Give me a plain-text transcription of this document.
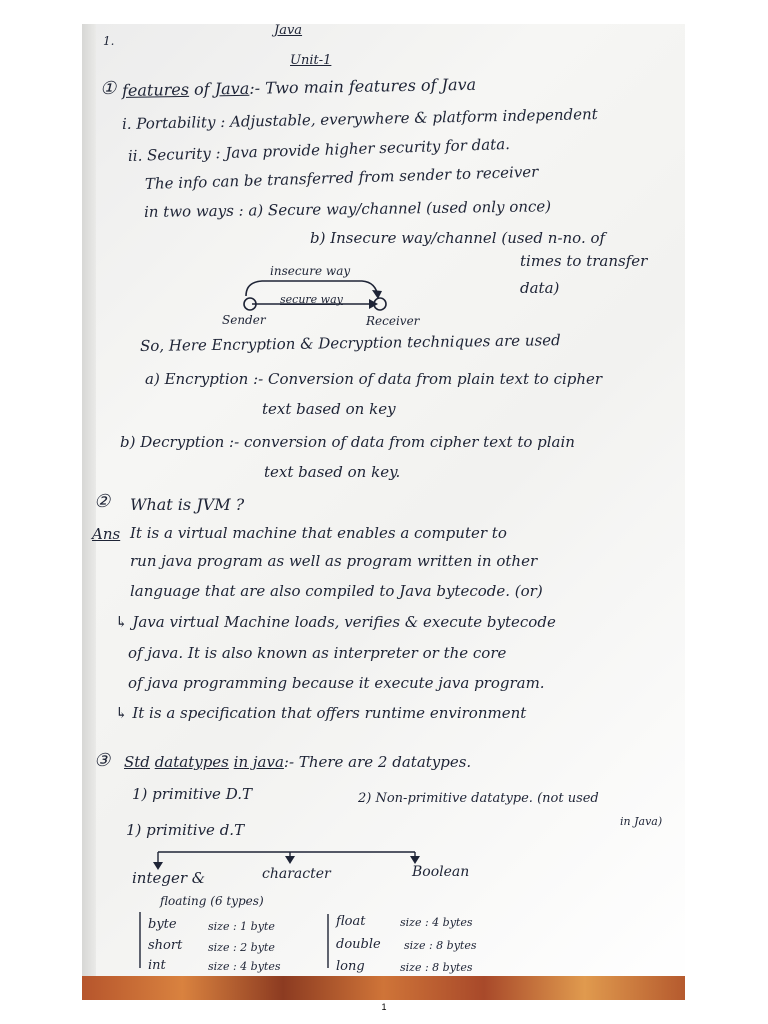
Java
1.
Unit-1
① features of Java:- Two main features of Java
i. Portability : Adjustable, everywhere & platform independent
ii. Security : Java provide higher security for data.
The info can be transferred from sender to receiver
in two ways : a) Secure way/channel (used only once)
b) Insecure way/channel (used n-no. of
times to transfer
data)
insecure way
secure way
Sender	Receiver
So, Here Encryption & Decryption techniques are used
a) Encryption :- Conversion of data from plain text to cipher
text based on key
b) Decryption :- conversion of data from cipher text to plain
text based on key.
② What is JVM ?
Ans It is a virtual machine that enables a computer to
run java program as well as program written in other
language that are also compiled to Java bytecode. (or)
↳ Java virtual Machine loads, verifies & execute bytecode
of java. It is also known as interpreter or the core
of java programming because it execute java program.
↳ It is a specification that offers runtime environment
③ Std datatypes in java:- There are 2 datatypes.
1) primitive D.T	2) Non-primitive datatype. (not used
in Java)
1) primitive d.T
integer &	character	Boolean
floating (6 types)
byte	size : 1 byte
short size : 2 byte
int	size : 4 bytes
float	size : 4 bytes
double size : 8 bytes
long	size : 8 bytes
1
